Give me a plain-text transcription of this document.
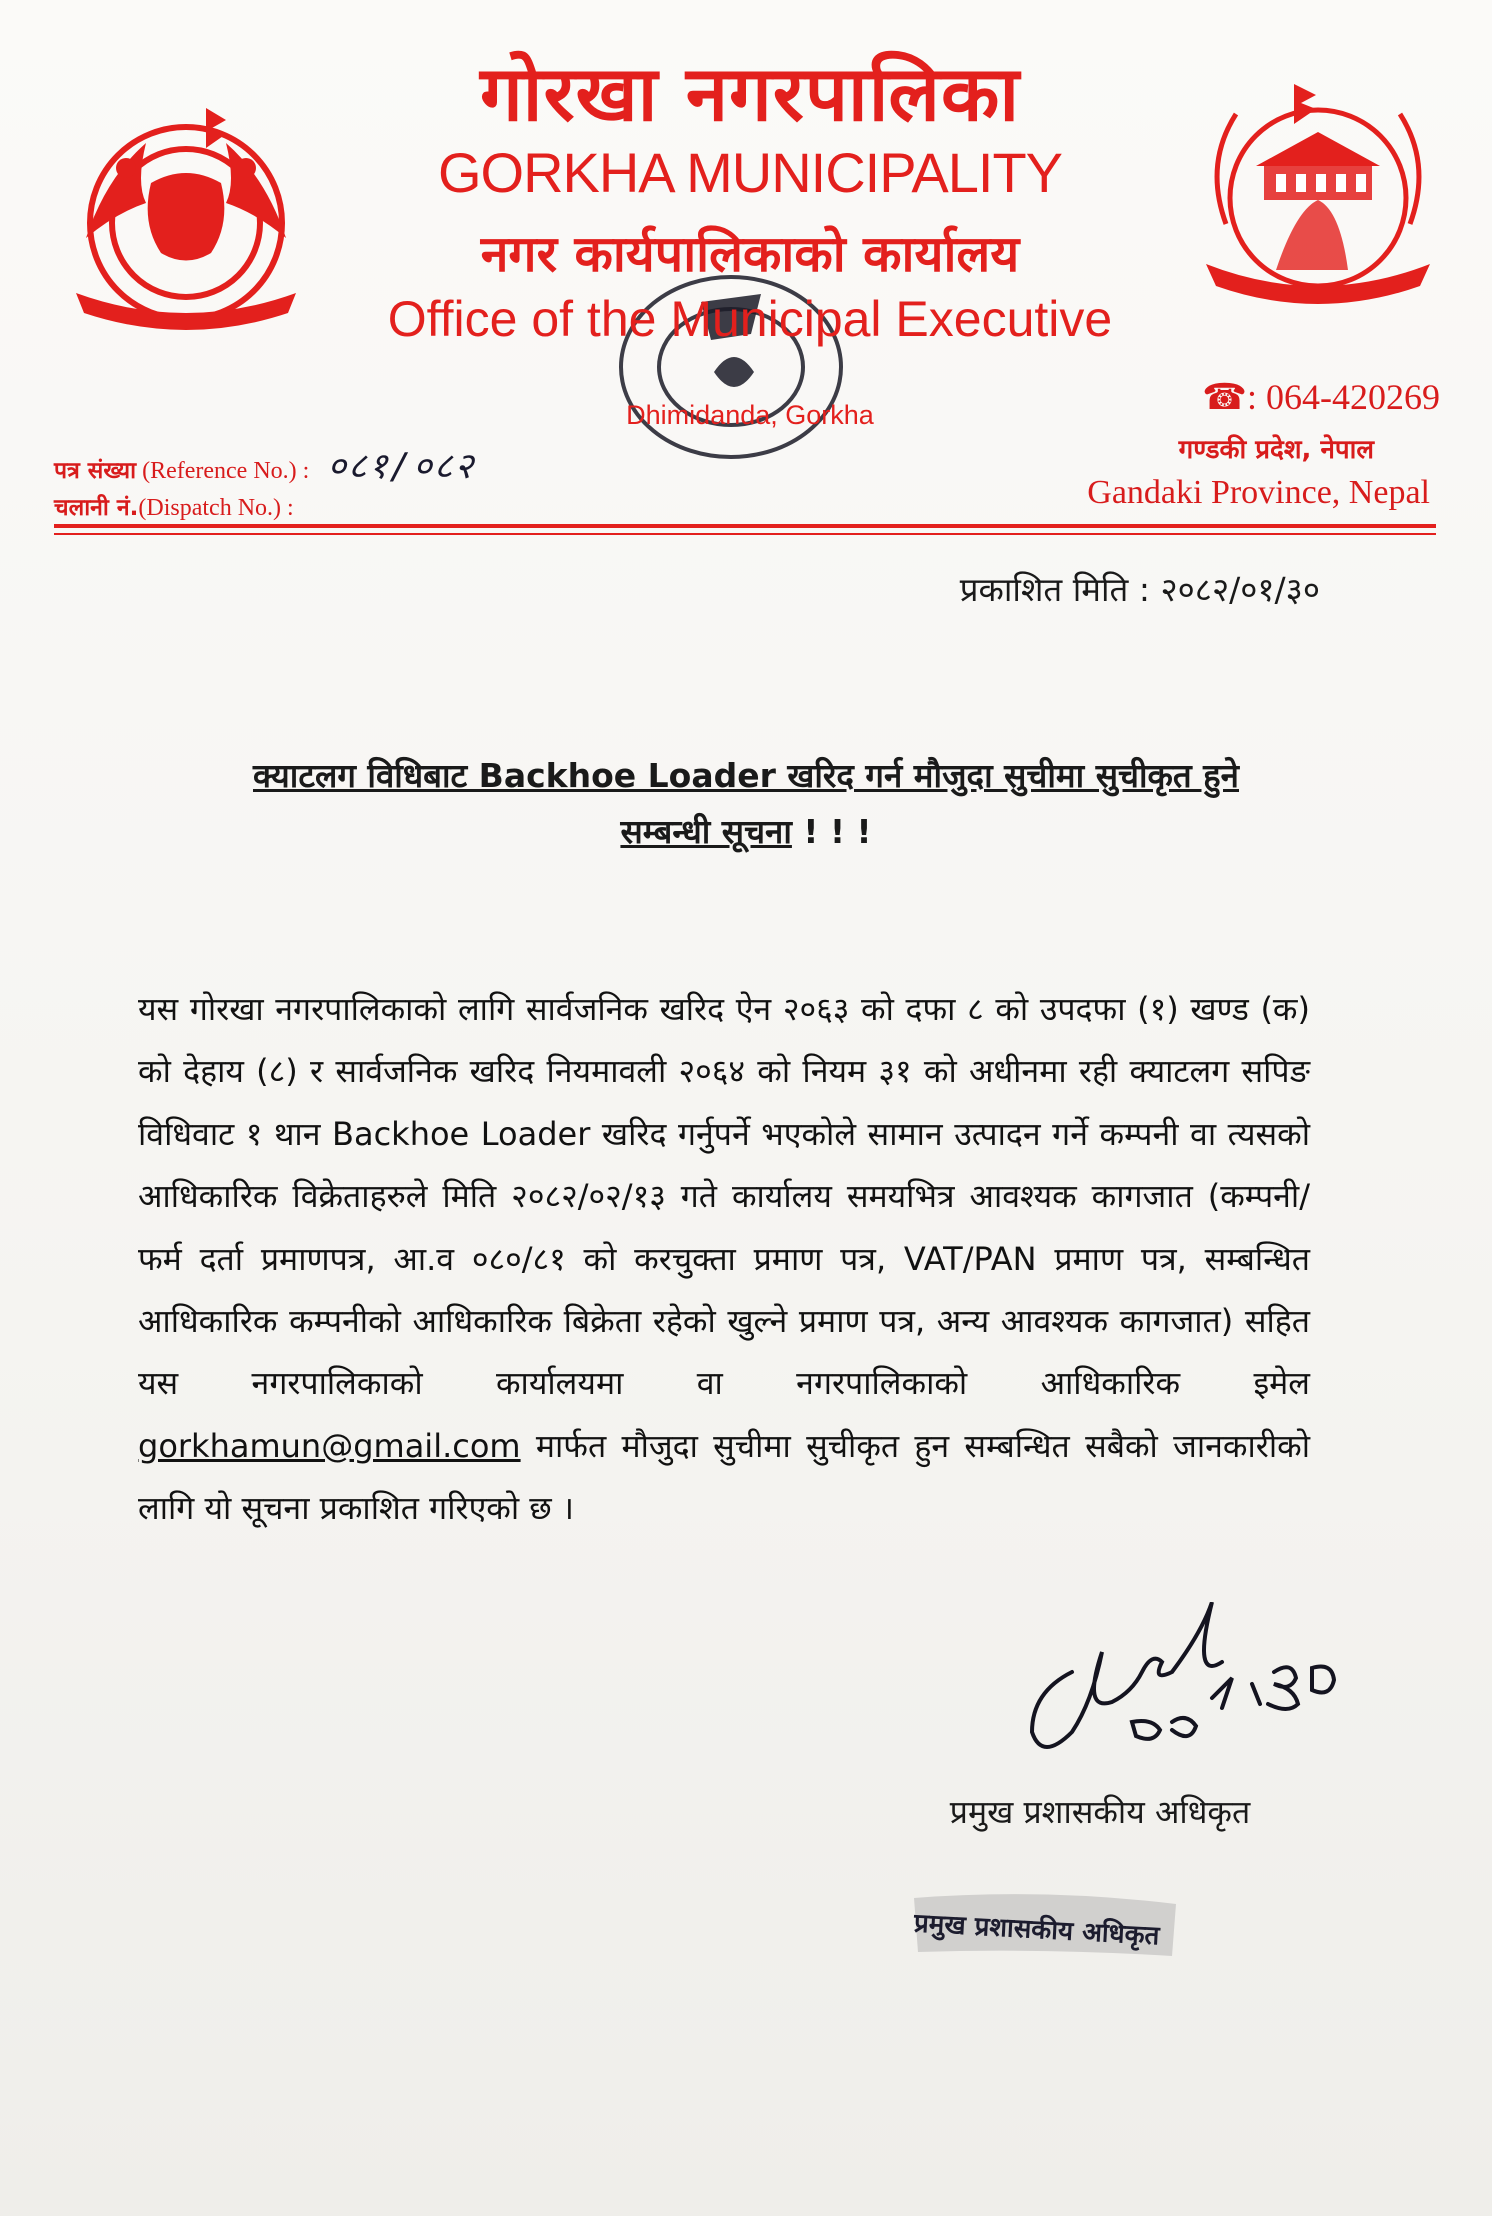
गोरखा नगरपालिका
GORKHA MUNICIPALITY
नगर कार्यपालिकाको कार्यालय
Office of the Municipal Executive
Dhimidanda, Gorkha	☎: 064-420269
गण्डकी प्रदेश, नेपाल
Gandaki Province, Nepal
पत्र संख्या (Reference No.) : ०८१/०८२
चलानी नं.(Dispatch No.) :
प्रकाशित मिति : २०८२/०१/३०
क्याटलग विधिबाट Backhoe Loader खरिद गर्न मौजुदा सुचीमा सुचीकृत हुने
सम्बन्धी सूचना ! ! !
यस गोरखा नगरपालिकाको लागि सार्वजनिक खरिद ऐन २०६३ को दफा ८ को उपदफा (१) खण्ड (क) को देहाय (८) र सार्वजनिक खरिद नियमावली २०६४ को नियम ३१ को अधीनमा रही क्याटलग सपिङ विधिवाट १ थान Backhoe Loader खरिद गर्नुपर्ने भएकोले सामान उत्पादन गर्ने कम्पनी वा त्यसको आधिकारिक विक्रेताहरुले मिति २०८२/०२/१३ गते कार्यालय समयभित्र आवश्यक कागजात (कम्पनी/फर्म दर्ता प्रमाणपत्र, आ.व ०८०/८१ को करचुक्ता प्रमाण पत्र, VAT/PAN प्रमाण पत्र, सम्बन्धित आधिकारिक कम्पनीको आधिकारिक बिक्रेता रहेको खुल्ने प्रमाण पत्र, अन्य आवश्यक कागजात) सहित यस नगरपालिकाको कार्यालयमा वा नगरपालिकाको आधिकारिक इमेल gorkhamun@gmail.com मार्फत मौजुदा सुचीमा सुचीकृत हुन सम्बन्धित सबैको जानकारीको लागि यो सूचना प्रकाशित गरिएको छ ।
प्रमुख प्रशासकीय अधिकृत
प्रमुख प्रशासकीय अधिकृत
